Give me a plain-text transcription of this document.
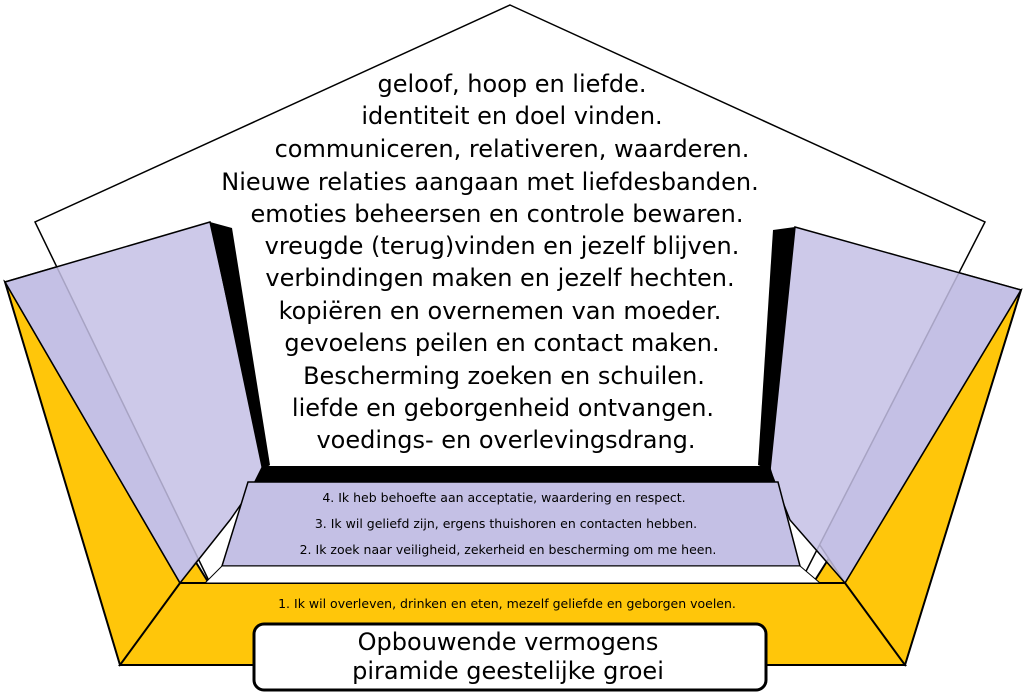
geloof, hoop en liefde.
identiteit en doel vinden.
communiceren, relativeren, waarderen.
Nieuwe relaties aangaan met liefdesbanden.
emoties beheersen en controle bewaren.
vreugde (terug)vinden en jezelf blijven.
verbindingen maken en jezelf hechten.
kopiëren en overnemen van moeder.
gevoelens peilen en contact maken.
Bescherming zoeken en schuilen.
liefde en geborgenheid ontvangen.
voedings- en overlevingsdrang.
4. Ik heb behoefte aan acceptatie, waardering en respect.
3. Ik wil geliefd zijn, ergens thuishoren en contacten hebben.
2. Ik zoek naar veiligheid, zekerheid en bescherming om me heen.
1. Ik wil overleven, drinken en eten, mezelf geliefde en geborgen voelen.
Opbouwende vermogens
piramide geestelijke groei
